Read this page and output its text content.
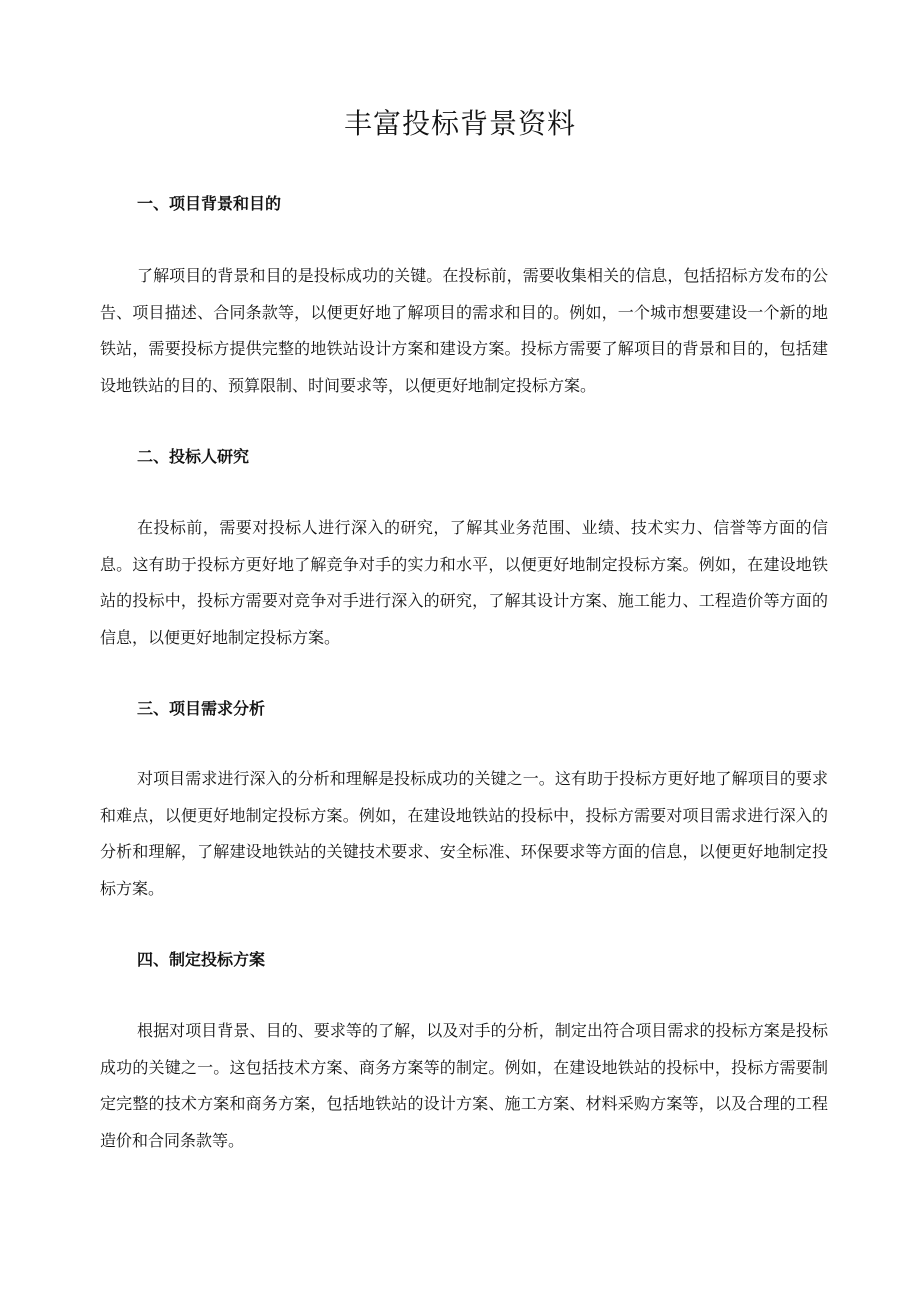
丰富投标背景资料
一、项目背景和目的

了解项目的背景和目的是投标成功的关键。在投标前，需要收集相关的信息，包括招标方发布的公告、项目描述、合同条款等，以便更好地了解项目的需求和目的。例如，一个城市想要建设一个新的地铁站，需要投标方提供完整的地铁站设计方案和建设方案。投标方需要了解项目的背景和目的，包括建设地铁站的目的、预算限制、时间要求等，以便更好地制定投标方案。

二、投标人研究

在投标前，需要对投标人进行深入的研究，了解其业务范围、业绩、技术实力、信誉等方面的信息。这有助于投标方更好地了解竞争对手的实力和水平，以便更好地制定投标方案。例如，在建设地铁站的投标中，投标方需要对竞争对手进行深入的研究，了解其设计方案、施工能力、工程造价等方面的信息，以便更好地制定投标方案。

三、项目需求分析

对项目需求进行深入的分析和理解是投标成功的关键之一。这有助于投标方更好地了解项目的要求和难点，以便更好地制定投标方案。例如，在建设地铁站的投标中，投标方需要对项目需求进行深入的分析和理解，了解建设地铁站的关键技术要求、安全标准、环保要求等方面的信息，以便更好地制定投标方案。

四、制定投标方案

根据对项目背景、目的、要求等的了解，以及对手的分析，制定出符合项目需求的投标方案是投标成功的关键之一。这包括技术方案、商务方案等的制定。例如，在建设地铁站的投标中，投标方需要制定完整的技术方案和商务方案，包括地铁站的设计方案、施工方案、材料采购方案等，以及合理的工程造价和合同条款等。
